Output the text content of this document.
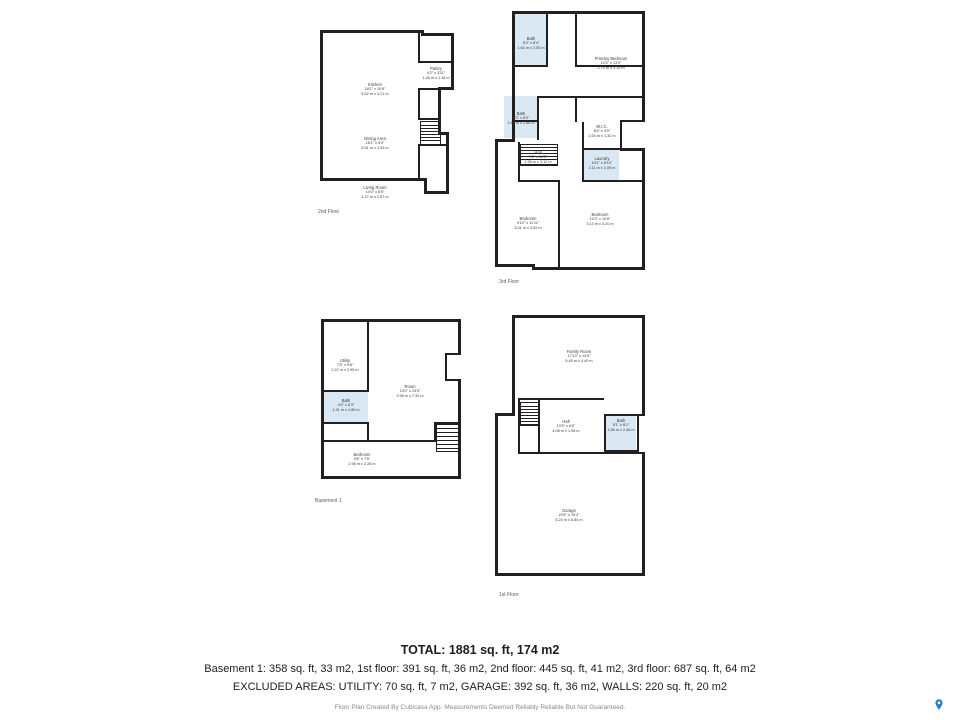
Pantry
4'2" x 3'11"
1.28 m x 1.18 m
Kitchen
18'1" x 10'6"
5.52 m x 3.21 m
Dining Area
18'1" x 5'0"
5.51 m x 1.53 m
Living Room
14'0" x 8'5"
4.27 m x 2.57 m
2nd Floor
Bath
5'3" x 8'4"
1.60 m x 2.55 m
Primary Bedroom
12'4" x 13'9"
3.75 m x 4.19 m
Bath
5'3" x 8'9"
1.60 m x 2.68 m
W.I.C.
8'4" x 4'5"
2.54 m x 1.32 m
Hall
7'8" x 10'3"
2.36 m x 3.12 m
Laundry
6'11" x 6'10"
2.11 m x 2.09 m
Bedroom
9'10" x 11'11"
3.01 m x 3.62 m
Bedroom
10'3" x 10'6"
3.13 m x 3.20 m
3rd Floor
Utility
7'3" x 9'8"
2.22 m x 2.95 m
Room
13'0" x 24'5"
3.96 m x 7.32 m
Bath
4'4" x 6'3"
1.31 m x 1.89 m
Bedroom
9'8" x 7'6"
2.96 m x 2.28 m
Basement 1
Family Room
17'10" x 14'5"
5.45 m x 4.40 m
Hall
13'5" x 6'6"
4.08 m x 1.98 m
Bath
5'1" x 8'1"
1.56 m x 2.46 m
Garage
20'6" x 19'2"
6.24 m x 5.84 m
1st Floor
TOTAL: 1881 sq. ft, 174 m2
Basement 1: 358 sq. ft, 33 m2, 1st floor: 391 sq. ft, 36 m2, 2nd floor: 445 sq. ft, 41 m2, 3rd floor: 687 sq. ft, 64 m2
EXCLUDED AREAS: UTILITY: 70 sq. ft, 7 m2, GARAGE: 392 sq. ft, 36 m2, WALLS: 220 sq. ft, 20 m2
Floor Plan Created By Cubicasa App. Measurements Deemed Reliably Reliable But Not Guaranteed.
